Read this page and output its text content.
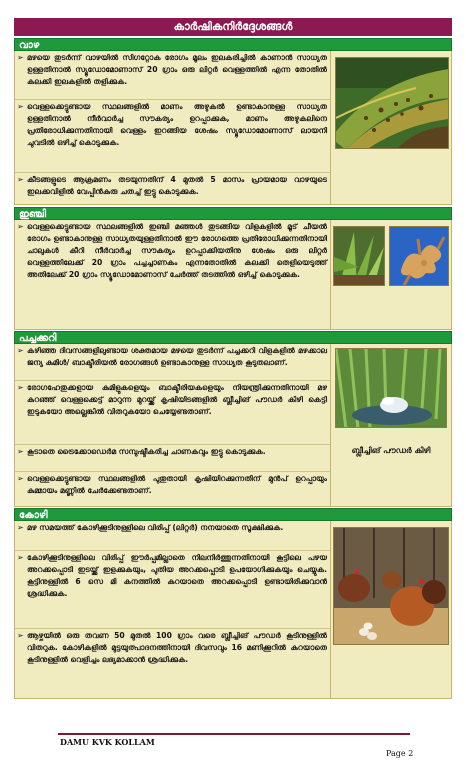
കാർഷികനിർദ്ദേശങ്ങൾ
വാഴ
➢ മഴയെ തുടർന്ന് വാഴയിൽ സിഗറ്റോക രോഗം മൂലം ഇലകരിച്ചിൽ കാണാൻ സാധ്യത ഉള്ളതിനാൽ സ്യൂഡോമോണാസ് 20 ഗ്രാം ഒരു ലിറ്റർ വെള്ളത്തിൽ എന്ന തോതിൽ കലക്കി ഇലകളിൽ തളിക്കുക.
➢ വെള്ളക്കെട്ടുണ്ടായ സ്ഥലങ്ങളിൽ മാണം അഴുകൽ ഉണ്ടാകാനുള്ള സാധ്യത ഉള്ളതിനാൽ നീർവാർച്ച സൗകര്യം ഉറപ്പാക്കുക, മാണം അഴുകലിനെ പ്രതിരോധിക്കുന്നതിനായി വെള്ളം ഇറങ്ങിയ ശേഷം സ്യൂഡോമോണാസ് ലായനി ചുവടിൽ ഒഴിച്ച് കൊടുക്കുക.
➢ കീടങ്ങളുടെ ആക്രമണം തടയുന്നതിന് 4 മുതൽ 5 മാസം പ്രായമായ വാഴയുടെ ഇലക്കവിളിൽ വേപ്പിൻകുരു ചതച്ച് ഇട്ടു കൊടുക്കുക.
ഇഞ്ചി
➢ വെള്ളക്കെട്ടുണ്ടായ സ്ഥലങ്ങളിൽ ഇഞ്ചി മഞ്ഞൾ തുടങ്ങിയ വിളകളിൽ മൂട് ചീയൽ രോഗം ഉണ്ടാകാനുള്ള സാധ്യതയുള്ളതിനാൽ ഈ രോഗത്തെ പ്രതിരോധിക്കുന്നതിനായി ചാലുകൾ കീറി നീർവാർച്ച സൗകര്യം ഉറപ്പാക്കിയതിനു ശേഷം ഒരു ലിറ്റർ വെള്ളത്തിലേക്ക് 20 ഗ്രാം പച്ചച്ചാണകം എന്നതോതിൽ കലക്കി തെളിയെടുത്ത് അതിലേക്ക് 20 ഗ്രാം സ്യൂഡോമോണാസ് ചേർത്ത് തടത്തിൽ ഒഴിച്ച് കൊടുക്കുക.
പച്ചക്കറി
➢ കഴിഞ്ഞ ദിവസങ്ങളിലുണ്ടായ ശക്തമായ മഴയെ തുടർന്ന് പച്ചക്കറി വിളകളിൽ മഴക്കാല ജന്യ കുമിൾ/ ബാക്ടീരിയൽ രോഗങ്ങൾ ഉണ്ടാകാനുള്ള സാധ്യത കൂടുതലാണ്.
➢ രോഗഹേതുക്കളായ കുമിളുകളെയും ബാക്ടീരിയകളെയും നിയന്ത്രിക്കുന്നതിനായി മഴ കുറഞ്ഞ് വെള്ളക്കെട്ട് മാറുന്ന മുറയ്ക്ക് കൃഷിയിടങ്ങളിൽ ബ്ലീച്ചിങ് പൗഡർ കിഴി കെട്ടി ഇടുകയോ അല്ലെങ്കിൽ വിതറുകയോ ചെയ്യേണ്ടതാണ്.
➢ കൂടാതെ ട്രൈക്കോഡെർമ സമ്പുഷ്ടീകരിച്ച ചാണകവും ഇട്ടു കൊടുക്കുക.
➢ വെള്ളക്കെട്ടുണ്ടായ സ്ഥലങ്ങളിൽ പുതുതായി കൃഷിയിറക്കുന്നതിന് മുൻപ് ഉറപ്പായും കുമ്മായം മണ്ണിൽ ചേർക്കേണ്ടതാണ്.
ബ്ലീച്ചിങ് പൗഡർ കിഴി
കോഴി
➢ മഴ സമയത്ത് കോഴിക്കൂടിനുള്ളിലെ വിരിപ്പ് (ലിറ്റർ) നനയാതെ സൂക്ഷിക്കുക.
➢ കോഴിക്കൂടിനുള്ളിലെ വിരിപ്പ് ഈർപ്പമില്ലാതെ നിലനിർത്തുന്നതിനായി കൂട്ടിലെ പഴയ അറക്കപ്പൊടി ഇടയ്ക്ക് ഇളക്കുകയും, പുതിയ അറക്കപ്പൊടി ഉപയോഗിക്കുകയും ചെയ്യുക. കൂട്ടിനുള്ളിൽ 6 സെ മി കനത്തിൽ കുറയാതെ അറക്കപ്പൊടി ഉണ്ടായിരിക്കുവാൻ ശ്രദ്ധിക്കുക.
➢ ആഴ്ചയിൽ ഒരു തവണ 50 മുതൽ 100 ഗ്രാം വരെ ബ്ലീച്ചിങ് പൗഡർ കൂടിനുള്ളിൽ വിതറുക. കോഴികളിൽ മുട്ടയുത്പാദനത്തിനായി ദിവസവും 16 മണിക്കൂറിൽ കുറയാതെ കൂടിനുള്ളിൽ വെളിച്ചം ലഭ്യമാക്കാൻ ശ്രദ്ധിക്കുക.
DAMU KVK KOLLAM
Page 2
